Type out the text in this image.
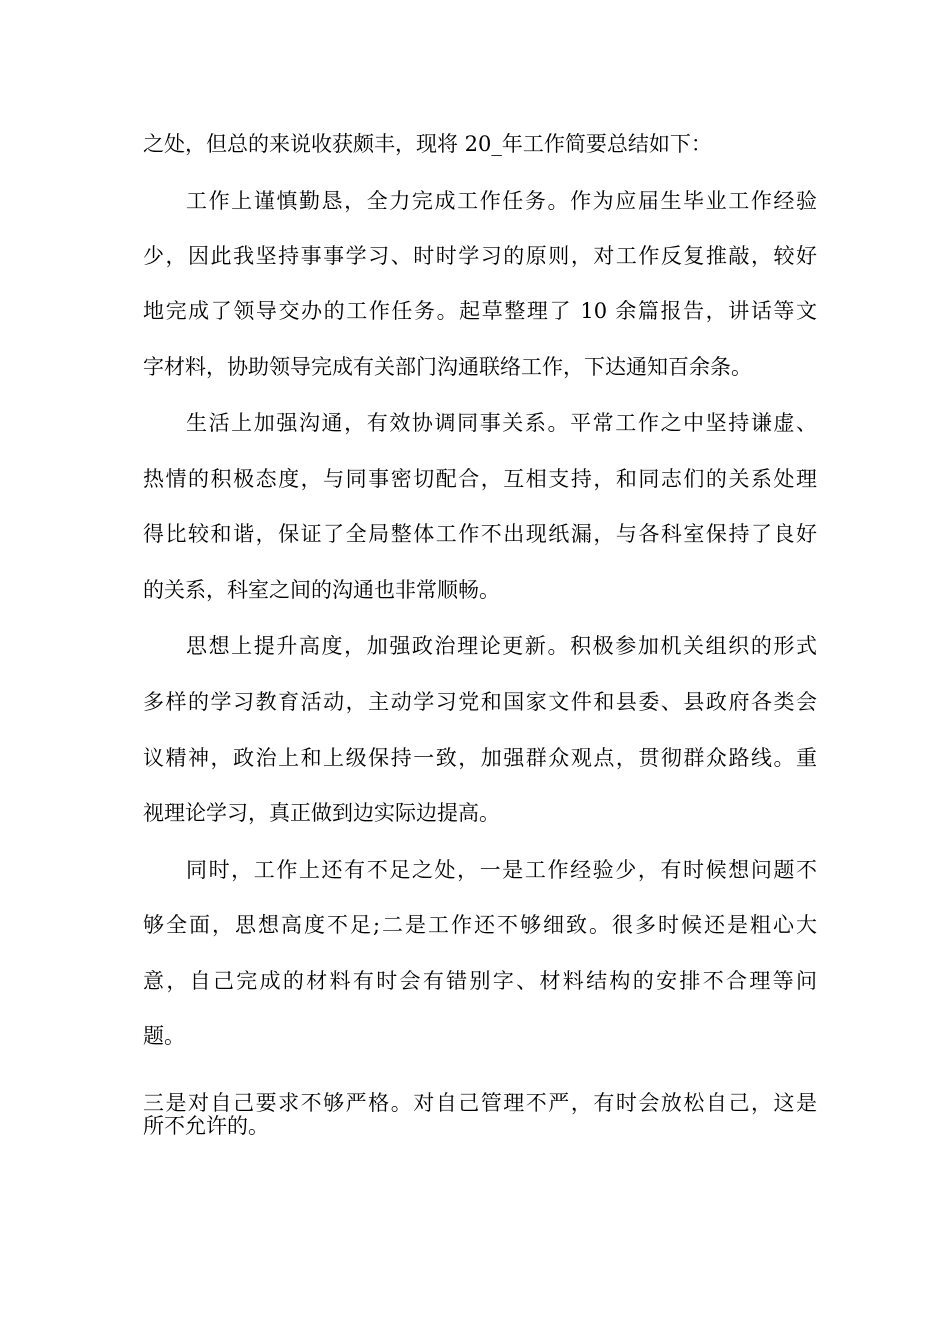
之处，但总的来说收获颇丰，现将 20_年工作简要总结如下：

工作上谨慎勤恳，全力完成工作任务。作为应届生毕业工作经验

少，因此我坚持事事学习、时时学习的原则，对工作反复推敲，较好

地完成了领导交办的工作任务。起草整理了 10 余篇报告，讲话等文

字材料，协助领导完成有关部门沟通联络工作，下达通知百余条。

生活上加强沟通，有效协调同事关系。平常工作之中坚持谦虚、

热情的积极态度，与同事密切配合，互相支持，和同志们的关系处理

得比较和谐，保证了全局整体工作不出现纸漏，与各科室保持了良好

的关系，科室之间的沟通也非常顺畅。

思想上提升高度，加强政治理论更新。积极参加机关组织的形式

多样的学习教育活动，主动学习党和国家文件和县委、县政府各类会

议精神，政治上和上级保持一致，加强群众观点，贯彻群众路线。重

视理论学习，真正做到边实际边提高。

同时，工作上还有不足之处，一是工作经验少，有时候想问题不

够全面，思想高度不足;二是工作还不够细致。很多时候还是粗心大

意，自己完成的材料有时会有错别字、材料结构的安排不合理等问

题。

三是对自己要求不够严格。对自己管理不严，有时会放松自己，这是

所不允许的。
